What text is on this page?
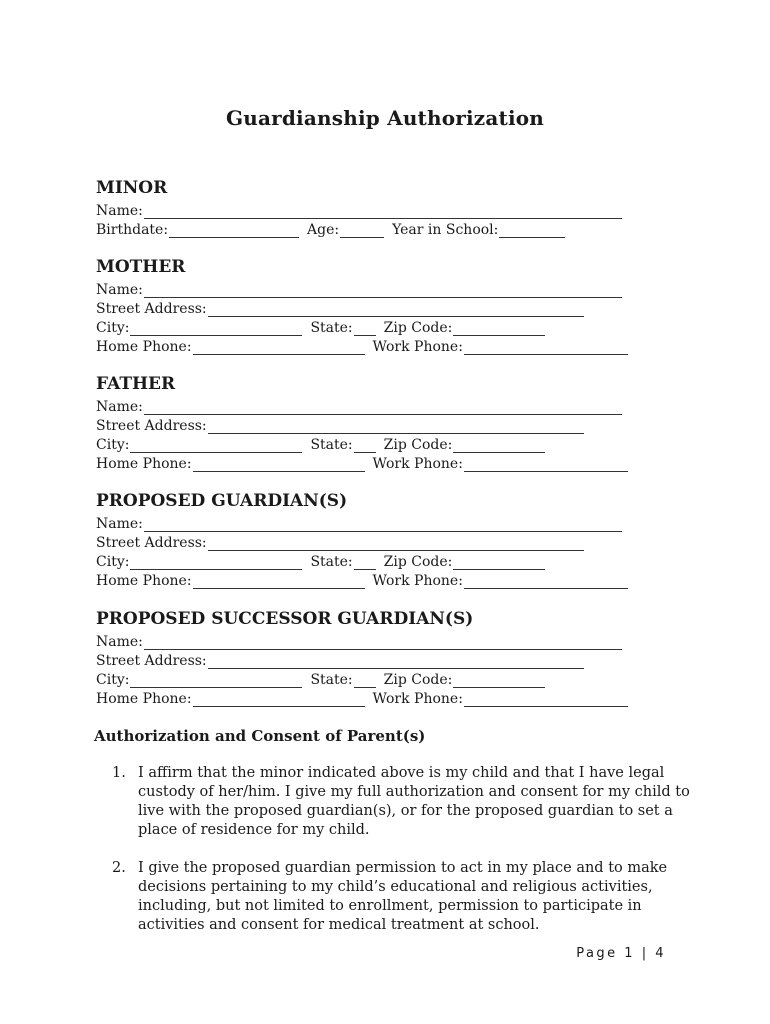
Guardianship Authorization
MINOR
Name:
Birthdate:	Age:	Year in School:
MOTHER
Name:
Street Address:
City:	State: Zip Code:
Home Phone:	Work Phone:
FATHER
Name:
Street Address:
City:	State: Zip Code:
Home Phone:	Work Phone:
PROPOSED GUARDIAN(S)
Name:
Street Address:
City:	State: Zip Code:
Home Phone:	Work Phone:
PROPOSED SUCCESSOR GUARDIAN(S)
Name:
Street Address:
City:	State: Zip Code:
Home Phone:	Work Phone:
Authorization and Consent of Parent(s)
1. I affirm that the minor indicated above is my child and that I have legal custody of her/him. I give my full authorization and consent for my child to live with the proposed guardian(s), or for the proposed guardian to set a place of residence for my child.
2. I give the proposed guardian permission to act in my place and to make decisions pertaining to my child’s educational and religious activities, including, but not limited to enrollment, permission to participate in activities and consent for medical treatment at school.
Page 1 | 4
